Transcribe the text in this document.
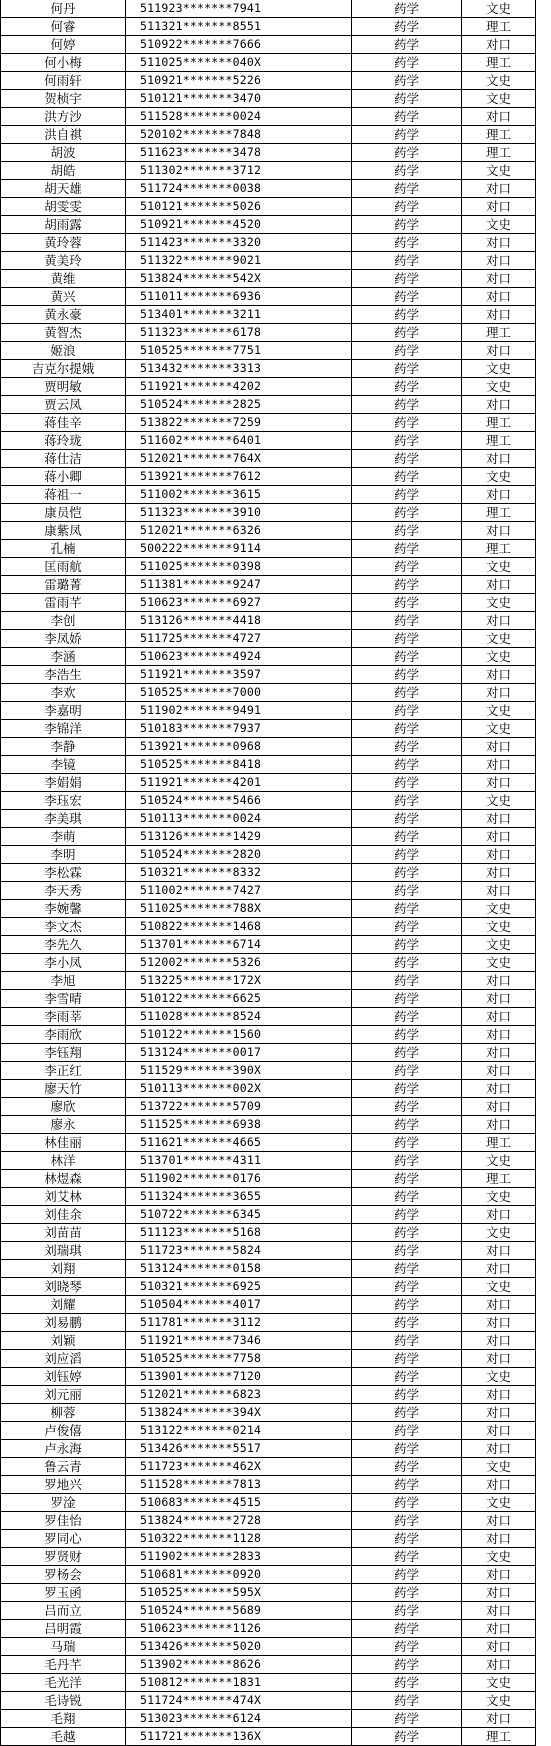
何丹	511923*******7941	药学	文史
何睿	511321*******8551	药学	理工
何婷	510922*******7666	药学	对口
何小梅	511025*******040X	药学	理工
何雨轩	510921*******5226	药学	文史
贺桢宇	510121*******3470	药学	文史
洪方沙	511528*******0024	药学	对口
洪自祺	520102*******7848	药学	理工
胡波	511623*******3478	药学	理工
胡皓	511302*******3712	药学	文史
胡天雄	511724*******0038	药学	对口
胡雯雯	510121*******5026	药学	对口
胡雨露	510921*******4520	药学	文史
黄玲蓉	511423*******3320	药学	对口
黄美玲	511322*******9021	药学	对口
黄维	513824*******542X	药学	对口
黄兴	511011*******6936	药学	对口
黄永豪	513401*******3211	药学	对口
黄智杰	511323*******6178	药学	理工
姬浪	510525*******7751	药学	对口
吉克尔提娥	513432*******3313	药学	文史
贾明敏	511921*******4202	药学	文史
贾云凤	510524*******2825	药学	对口
蒋佳辛	513822*******7259	药学	理工
蒋玲珑	511602*******6401	药学	理工
蒋仕洁	512021*******764X	药学	对口
蒋小卿	513921*******7612	药学	文史
蒋祖一	511002*******3615	药学	对口
康员恺	511323*******3910	药学	理工
康紫凤	512021*******6326	药学	对口
孔楠	500222*******9114	药学	理工
匡雨航	511025*******0398	药学	文史
雷璐菁	511381*******9247	药学	对口
雷雨芊	510623*******6927	药学	文史
李创	513126*******4418	药学	对口
李凤娇	511725*******4727	药学	文史
李涵	510623*******4924	药学	文史
李浩生	511921*******3597	药学	对口
李欢	510525*******7000	药学	对口
李嘉明	511902*******9491	药学	文史
李锦洋	510183*******7937	药学	文史
李静	513921*******0968	药学	对口
李镜	510525*******8418	药学	对口
李娟娟	511921*******4201	药学	对口
李珏宏	510524*******5466	药学	文史
李美琪	510113*******0024	药学	对口
李萌	513126*******1429	药学	对口
李明	510524*******2820	药学	对口
李松霖	510321*******8332	药学	对口
李天秀	511002*******7427	药学	对口
李婉馨	511025*******788X	药学	文史
李文杰	510822*******1468	药学	文史
李先久	513701*******6714	药学	文史
李小凤	512002*******5326	药学	文史
李旭	513225*******172X	药学	对口
李雪晴	510122*******6625	药学	对口
李雨莘	511028*******8524	药学	对口
李雨欣	510122*******1560	药学	对口
李钰翔	513124*******0017	药学	对口
李正红	511529*******390X	药学	对口
廖天竹	510113*******002X	药学	对口
廖欣	513722*******5709	药学	对口
廖永	511525*******6938	药学	对口
林佳丽	511621*******4665	药学	理工
林洋	513701*******4311	药学	文史
林煜森	511902*******0176	药学	理工
刘艾林	511324*******3655	药学	文史
刘佳余	510722*******6345	药学	对口
刘苗苗	511123*******5168	药学	文史
刘瑞琪	511723*******5824	药学	对口
刘翔	513124*******0158	药学	对口
刘晓琴	510321*******6925	药学	文史
刘耀	510504*******4017	药学	对口
刘易鹏	511781*******3112	药学	对口
刘颖	511921*******7346	药学	对口
刘应滔	510525*******7758	药学	对口
刘钰婷	513901*******7120	药学	文史
刘元丽	512021*******6823	药学	对口
柳蓉	513824*******394X	药学	对口
卢俊僖	513122*******0214	药学	对口
卢永海	513426*******5517	药学	对口
鲁云青	511723*******462X	药学	文史
罗地兴	511528*******7813	药学	对口
罗淦	510683*******4515	药学	文史
罗佳怡	513824*******2728	药学	对口
罗同心	510322*******1128	药学	对口
罗贤财	511902*******2833	药学	文史
罗杨会	510681*******0920	药学	对口
罗玉函	510525*******595X	药学	对口
吕而立	510524*******5689	药学	对口
吕明霞	510623*******1126	药学	对口
马瑞	513426*******5020	药学	对口
毛丹芊	513902*******8626	药学	对口
毛光洋	510812*******1831	药学	文史
毛诗锐	511724*******474X	药学	文史
毛翔	513023*******6124	药学	对口
毛越	511721*******136X	药学	理工
